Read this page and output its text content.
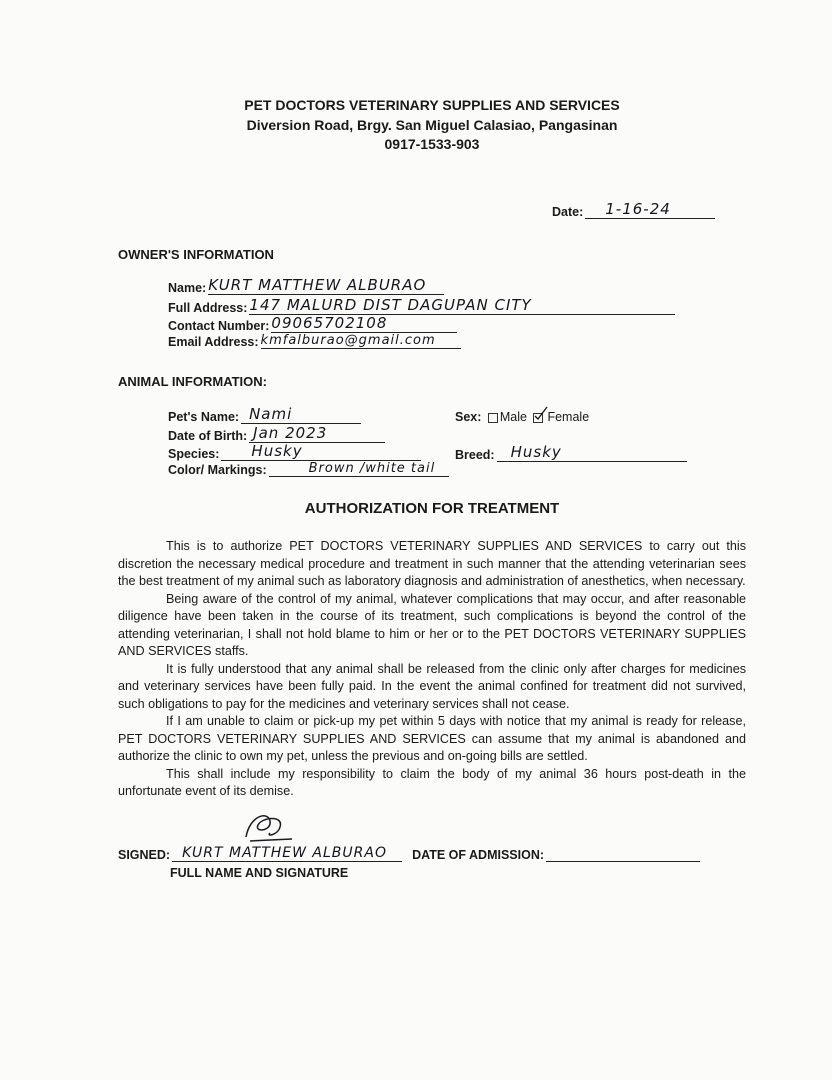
PET DOCTORS VETERINARY SUPPLIES AND SERVICES
Diversion Road, Brgy. San Miguel Calasiao, Pangasinan
0917-1533-903
Date:	1-16-24
OWNER'S INFORMATION
Name: KURT MATTHEW ALBURAO
Full Address: 147 MALURD DIST DAGUPAN CITY
Contact Number: 09065702108
Email Address: kmfalburao@gmail.com
ANIMAL INFORMATION:
Pet's Name: Nami
Date of Birth: Jan 2023
Species:	Husky
Color/ Markings:	Brown /white tail
Sex: Male Female
Breed:	Husky
AUTHORIZATION FOR TREATMENT

This is to authorize PET DOCTORS VETERINARY SUPPLIES AND SERVICES to carry out this discretion the necessary medical procedure and treatment in such manner that the attending veterinarian sees the best treatment of my animal such as laboratory diagnosis and administration of anesthetics, when necessary.

Being aware of the control of my animal, whatever complications that may occur, and after reasonable diligence have been taken in the course of its treatment, such complications is beyond the control of the attending veterinarian, I shall not hold blame to him or her or to the PET DOCTORS VETERINARY SUPPLIES AND SERVICES staffs.

It is fully understood that any animal shall be released from the clinic only after charges for medicines and veterinary services have been fully paid. In the event the animal confined for treatment did not survived, such obligations to pay for the medicines and veterinary services shall not cease.

If I am unable to claim or pick-up my pet within 5 days with notice that my animal is ready for release, PET DOCTORS VETERINARY SUPPLIES AND SERVICES can assume that my animal is abandoned and authorize the clinic to own my pet, unless the previous and on-going bills are settled.

This shall include my responsibility to claim the body of my animal 36 hours post-death in the unfortunate event of its demise.

SIGNED: KURT MATTHEW ALBURAO	DATE OF ADMISSION:
FULL NAME AND SIGNATURE
